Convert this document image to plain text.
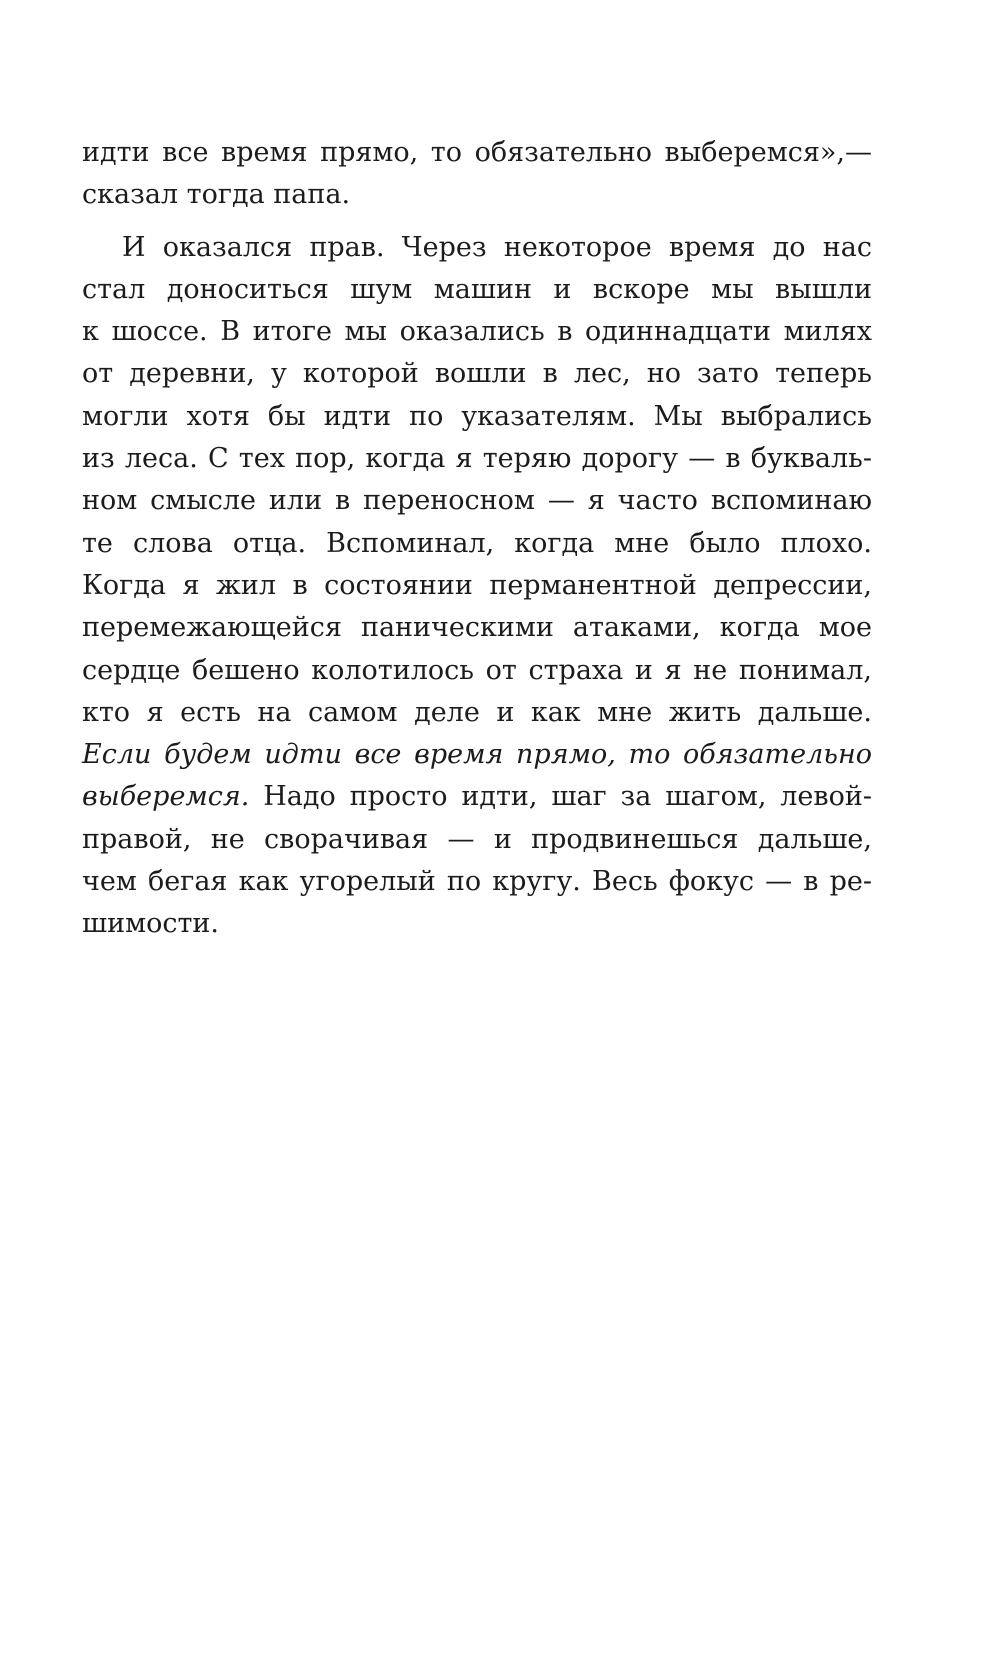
идти все время прямо, то обязательно выберемся»,—
сказал тогда папа.
И оказался прав. Через некоторое время до нас
стал доноситься шум машин и вскоре мы вышли
к шоссе. В итоге мы оказались в одиннадцати милях
от деревни, у которой вошли в лес, но зато теперь
могли хотя бы идти по указателям. Мы выбрались
из леса. С тех пор, когда я теряю дорогу — в букваль-
ном смысле или в переносном — я часто вспоминаю
те слова отца. Вспоминал, когда мне было плохо.
Когда я жил в состоянии перманентной депрессии,
перемежающейся паническими атаками, когда мое
сердце бешено колотилось от страха и я не понимал,
кто я есть на самом деле и как мне жить дальше.
Если будем идти все время прямо, то обязательно
выберемся. Надо просто идти, шаг за шагом, левой-
правой, не сворачивая — и продвинешься дальше,
чем бегая как угорелый по кругу. Весь фокус — в ре-
шимости.
